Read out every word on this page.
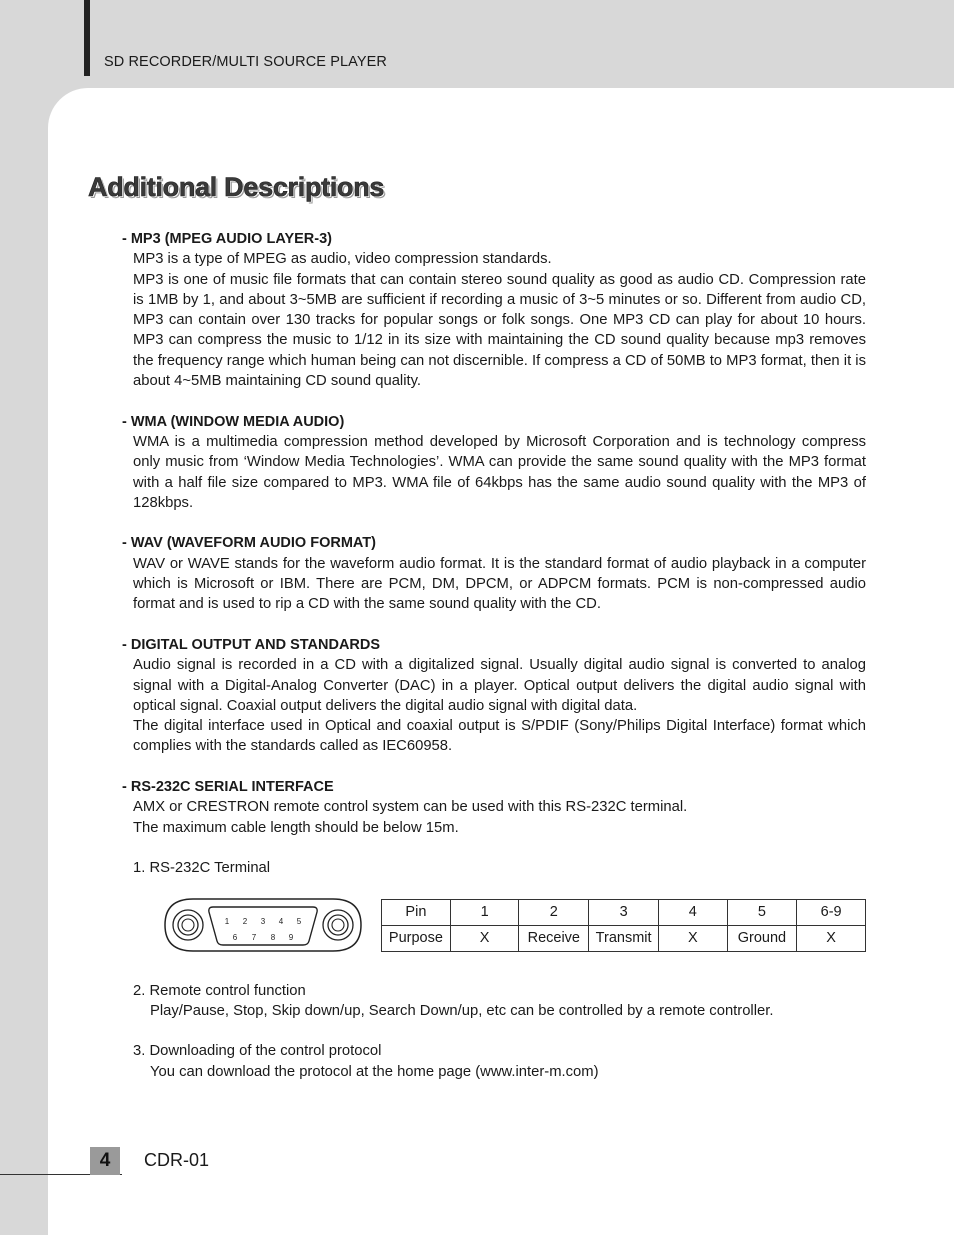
SD RECORDER/MULTI SOURCE PLAYER
Additional Descriptions
- MP3 (MPEG AUDIO LAYER-3)

MP3 is a type of MPEG as audio, video compression standards.

MP3 is one of music file formats that can contain stereo sound quality as good as audio CD. Compression rate is 1MB by 1, and about 3~5MB are sufficient if recording a music of 3~5 minutes or so. Different from audio CD, MP3 can contain over 130 tracks for popular songs or folk songs. One MP3 CD can play for about 10 hours. MP3 can compress the music to 1/12 in its size with maintaining the CD sound quality because mp3 removes the frequency range which human being can not discernible. If compress a CD of 50MB to MP3 format, then it is about 4~5MB maintaining CD sound quality.

- WMA (WINDOW MEDIA AUDIO)

WMA is a multimedia compression method developed by Microsoft Corporation and is technology compress only music from ‘Window Media Technologies’. WMA can provide the same sound quality with the MP3 format with a half file size compared to MP3. WMA file of 64kbps has the same audio sound quality with the MP3 of 128kbps.

- WAV (WAVEFORM AUDIO FORMAT)

WAV or WAVE stands for the waveform audio format. It is the standard format of audio playback in a computer which is Microsoft or IBM. There are PCM, DM, DPCM, or ADPCM formats. PCM is non-compressed audio format and is used to rip a CD with the same sound quality with the CD.

- DIGITAL OUTPUT AND STANDARDS

Audio signal is recorded in a CD with a digitalized signal. Usually digital audio signal is converted to analog signal with a Digital-Analog Converter (DAC) in a player. Optical output delivers the digital audio signal with optical signal. Coaxial output delivers the digital audio signal with digital data.

The digital interface used in Optical and coaxial output is S/PDIF (Sony/Philips Digital Interface) format which complies with the standards called as IEC60958.

- RS-232C SERIAL INTERFACE

AMX or CRESTRON remote control system can be used with this RS-232C terminal.

The maximum cable length should be below 15m.

1. RS-232C Terminal
1 2 3 4 5
6 7 8 9
Pin	1	2	3	4	5	6-9
Purpose	X	Receive	Transmit	X	Ground	X
2. Remote control function
Play/Pause, Stop, Skip down/up, Search Down/up, etc can be controlled by a remote controller.
3. Downloading of the control protocol
You can download the protocol at the home page (www.inter-m.com)
4	CDR-01
